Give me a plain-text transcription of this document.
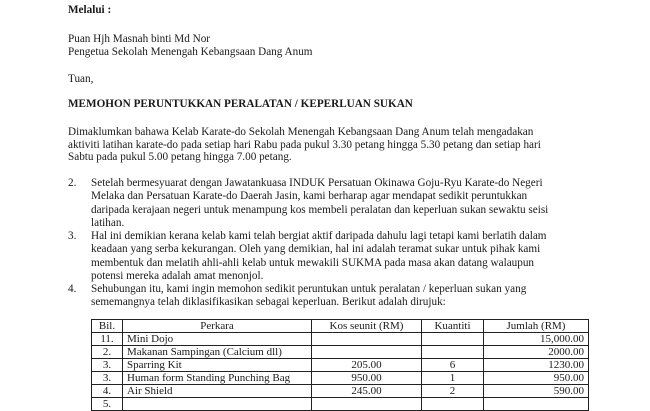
Melalui :
Puan Hjh Masnah binti Md Nor
Pengetua Sekolah Menengah Kebangsaan Dang Anum
Tuan,
MEMOHON PERUNTUKKAN PERALATAN / KEPERLUAN SUKAN
Dimaklumkan bahawa Kelab Karate-do Sekolah Menengah Kebangsaan Dang Anum telah mengadakan
aktiviti latihan karate-do pada setiap hari Rabu pada pukul 3.30 petang hingga 5.30 petang dan setiap hari
Sabtu pada pukul 5.00 petang hingga 7.00 petang.
2. Setelah bermesyuarat dengan Jawatankuasa INDUK Persatuan Okinawa Goju-Ryu Karate-do Negeri
Melaka dan Persatuan Karate-do Daerah Jasin, kami berharap agar mendapat sedikit peruntukkan
daripada kerajaan negeri untuk menampung kos membeli peralatan dan keperluan sukan sewaktu seisi
latihan.
3. Hal ini demikian kerana kelab kami telah bergiat aktif daripada dahulu lagi tetapi kami berlatih dalam
keadaan yang serba kekurangan. Oleh yang demikian, hal ini adalah teramat sukar untuk pihak kami
membentuk dan melatih ahli-ahli kelab untuk mewakili SUKMA pada masa akan datang walaupun
potensi mereka adalah amat menonjol.
4. Sehubungan itu, kami ingin memohon sedikit peruntukan untuk peralatan / keperluan sukan yang
sememangnya telah diklasifikasikan sebagai keperluan. Berikut adalah dirujuk:
Bil.	Perkara	Kos seunit (RM)	Kuantiti	Jumlah (RM)
11.	Mini Dojo			15,000.00
2.	Makanan Sampingan (Calcium dll)			2000.00
3.	Sparring Kit	205.00	6	1230.00
3.	Human form Standing Punching Bag	950.00	1	950.00
4.	Air Shield	245.00	2	590.00
5.				
